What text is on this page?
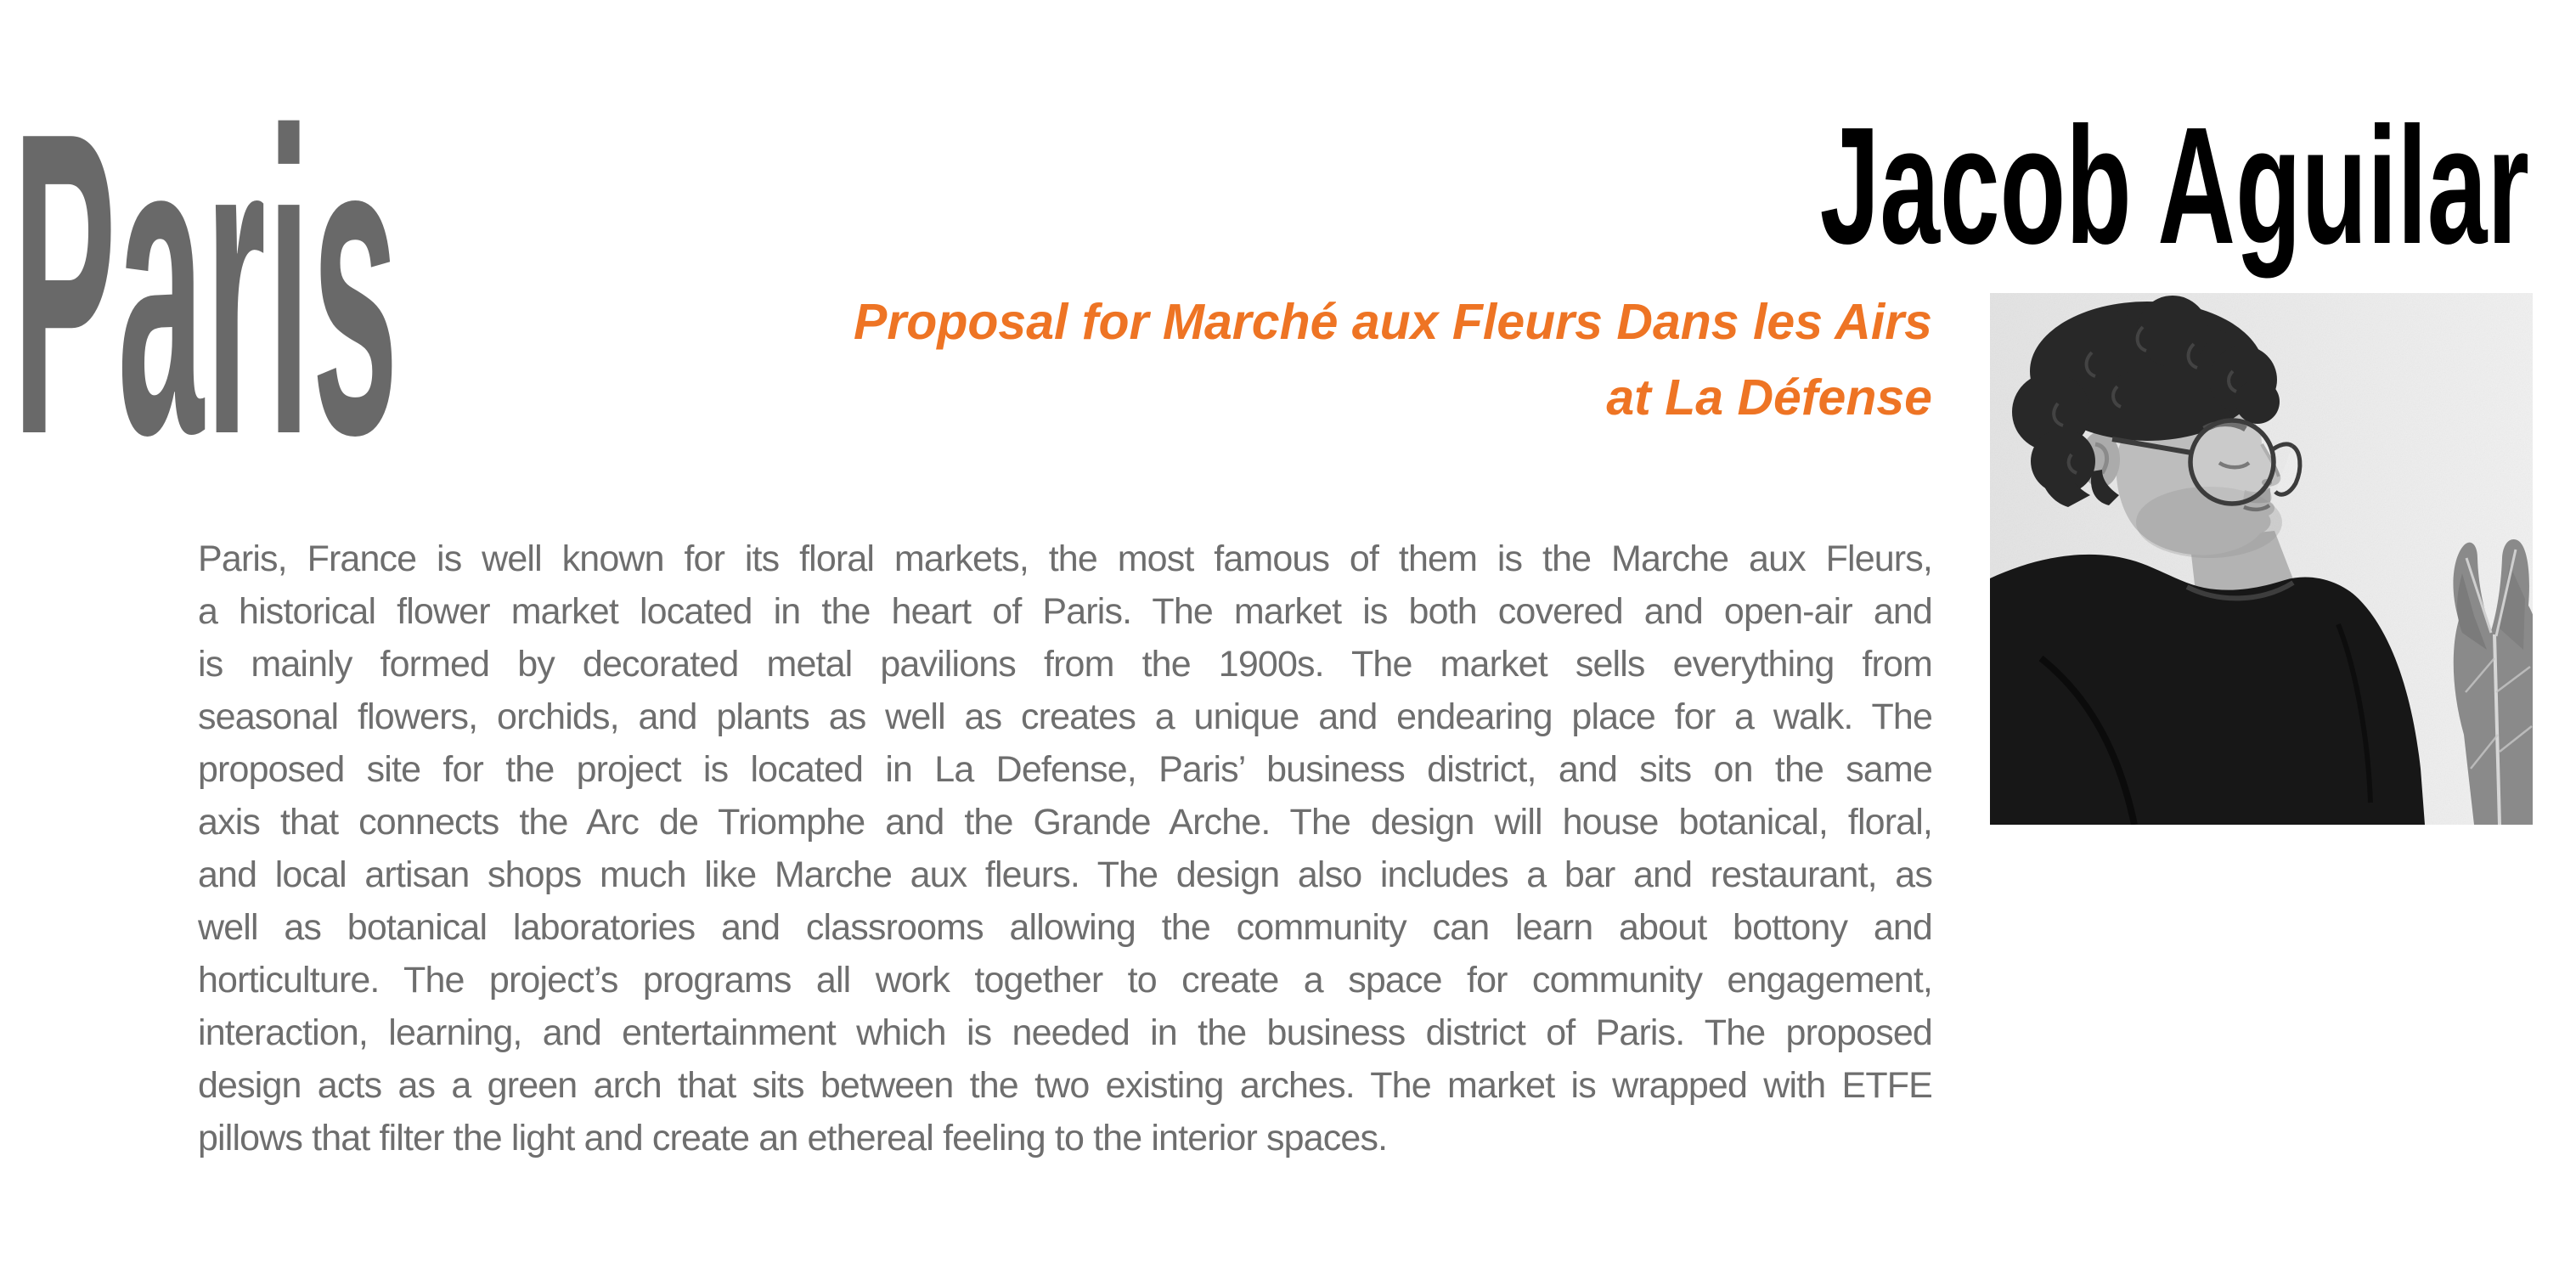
Paris	Jacob Aguilar
Proposal for Marché aux Fleurs Dans les Airs
at La Défense
Paris, France is well known for its floral markets, the most famous of them is the Marche aux Fleurs,
a historical flower market located in the heart of Paris. The market is both covered and open-air and
is mainly formed by decorated metal pavilions from the 1900s. The market sells everything from
seasonal flowers, orchids, and plants as well as creates a unique and endearing place for a walk. The
proposed site for the project is located in La Defense, Paris’ business district, and sits on the same
axis that connects the Arc de Triomphe and the Grande Arche. The design will house botanical, floral,
and local artisan shops much like Marche aux fleurs. The design also includes a bar and restaurant, as
well as botanical laboratories and classrooms allowing the community can learn about bottony and
horticulture. The project’s programs all work together to create a space for community engagement,
interaction, learning, and entertainment which is needed in the business district of Paris. The proposed
design acts as a green arch that sits between the two existing arches. The market is wrapped with ETFE
pillows that filter the light and create an ethereal feeling to the interior spaces.
